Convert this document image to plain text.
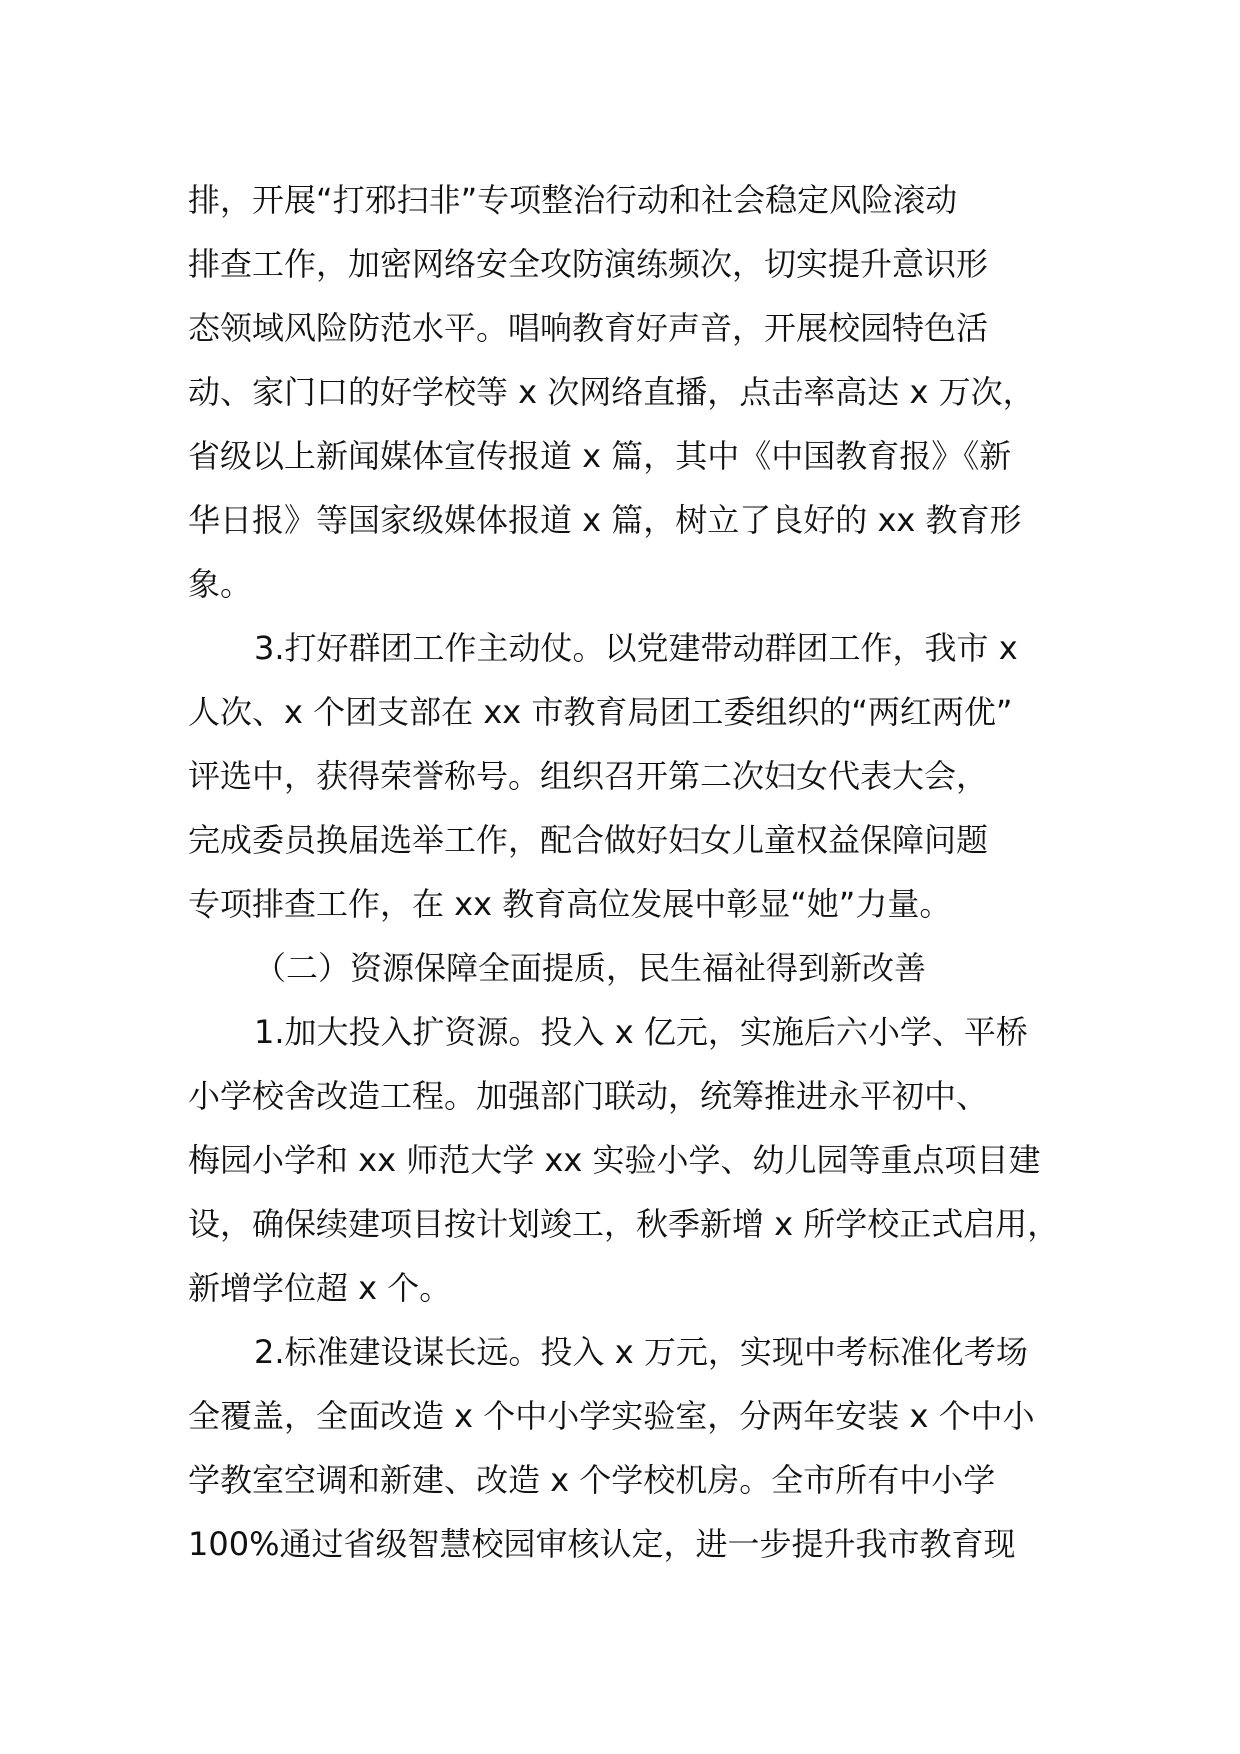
排，开展“打邪扫非”专项整治行动和社会稳定风险滚动
排查工作，加密网络安全攻防演练频次，切实提升意识形
态领域风险防范水平。唱响教育好声音，开展校园特色活
动、家门口的好学校等 x 次网络直播，点击率高达 x 万次，
省级以上新闻媒体宣传报道 x 篇，其中《中国教育报》《新
华日报》等国家级媒体报道 x 篇，树立了良好的 xx 教育形
象。
3.打好群团工作主动仗。以党建带动群团工作，我市 x
人次、x 个团支部在 xx 市教育局团工委组织的“两红两优”
评选中，获得荣誉称号。组织召开第二次妇女代表大会，
完成委员换届选举工作，配合做好妇女儿童权益保障问题
专项排查工作，在 xx 教育高位发展中彰显“她”力量。
（二）资源保障全面提质，民生福祉得到新改善
1.加大投入扩资源。投入 x 亿元，实施后六小学、平桥
小学校舍改造工程。加强部门联动，统筹推进永平初中、
梅园小学和 xx 师范大学 xx 实验小学、幼儿园等重点项目建
设，确保续建项目按计划竣工，秋季新增 x 所学校正式启用，
新增学位超 x 个。
2.标准建设谋长远。投入 x 万元，实现中考标准化考场
全覆盖，全面改造 x 个中小学实验室，分两年安装 x 个中小
学教室空调和新建、改造 x 个学校机房。全市所有中小学
100%通过省级智慧校园审核认定，进一步提升我市教育现
